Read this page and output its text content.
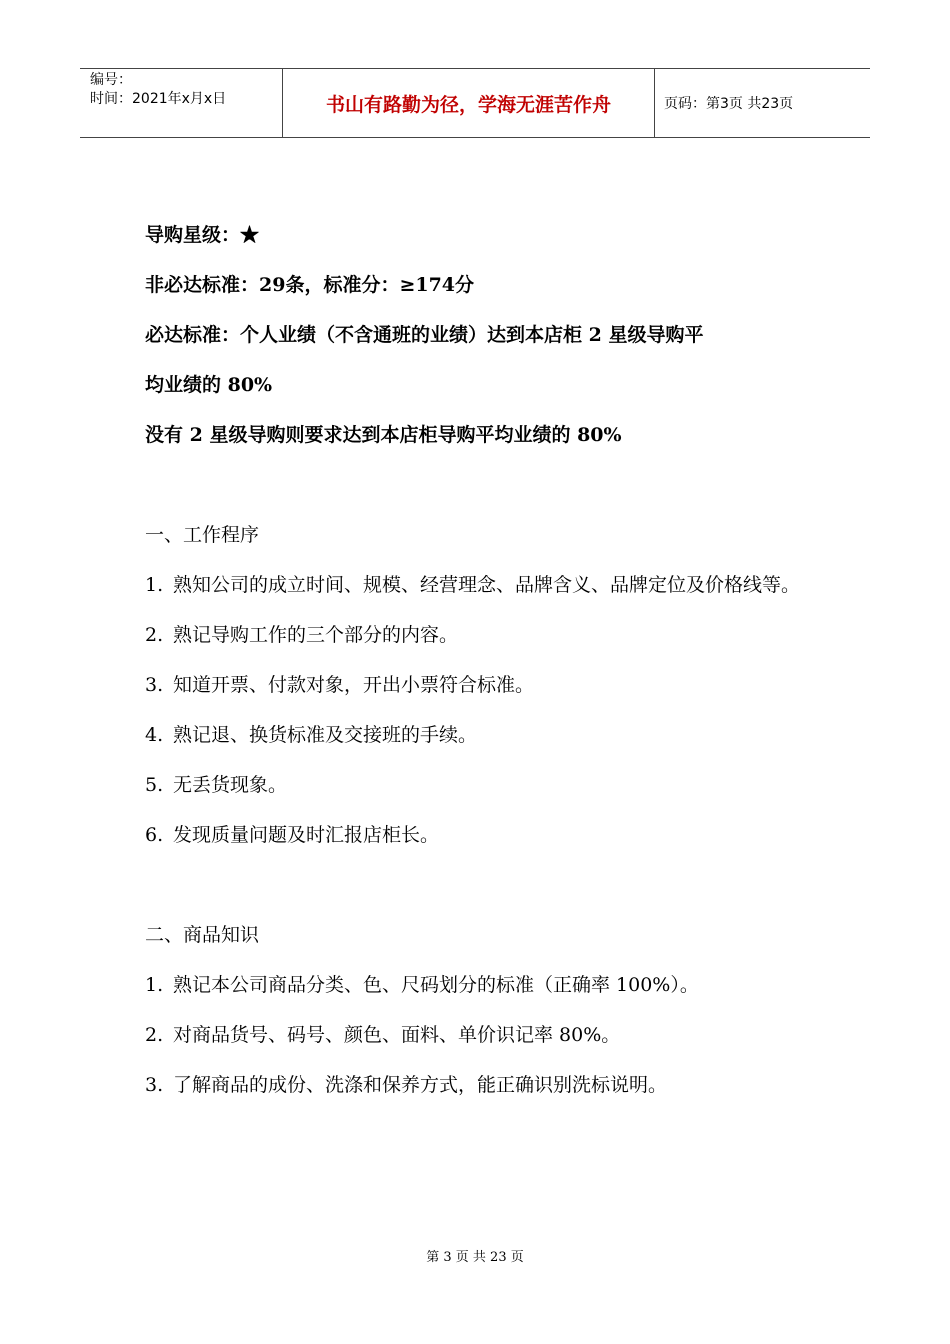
编号：
时间：2021年x月x日	书山有路勤为径，学海无涯苦作舟	页码：第3页 共23页
导购星级：★
非必达标准：29条，标准分：≥174分
必达标准：个人业绩（不含通班的业绩）达到本店柜 2 星级导购平
均业绩的 80%
没有 2 星级导购则要求达到本店柜导购平均业绩的 80%
一、工作程序
1. 熟知公司的成立时间、规模、经营理念、品牌含义、品牌定位及价格线等。
2. 熟记导购工作的三个部分的内容。
3. 知道开票、付款对象，开出小票符合标准。
4. 熟记退、换货标准及交接班的手续。
5. 无丢货现象。
6. 发现质量问题及时汇报店柜长。
二、商品知识
1. 熟记本公司商品分类、色、尺码划分的标准（正确率 100%）。
2. 对商品货号、码号、颜色、面料、单价识记率 80%。
3. 了解商品的成份、洗涤和保养方式，能正确识别洗标说明。
第 3 页 共 23 页
